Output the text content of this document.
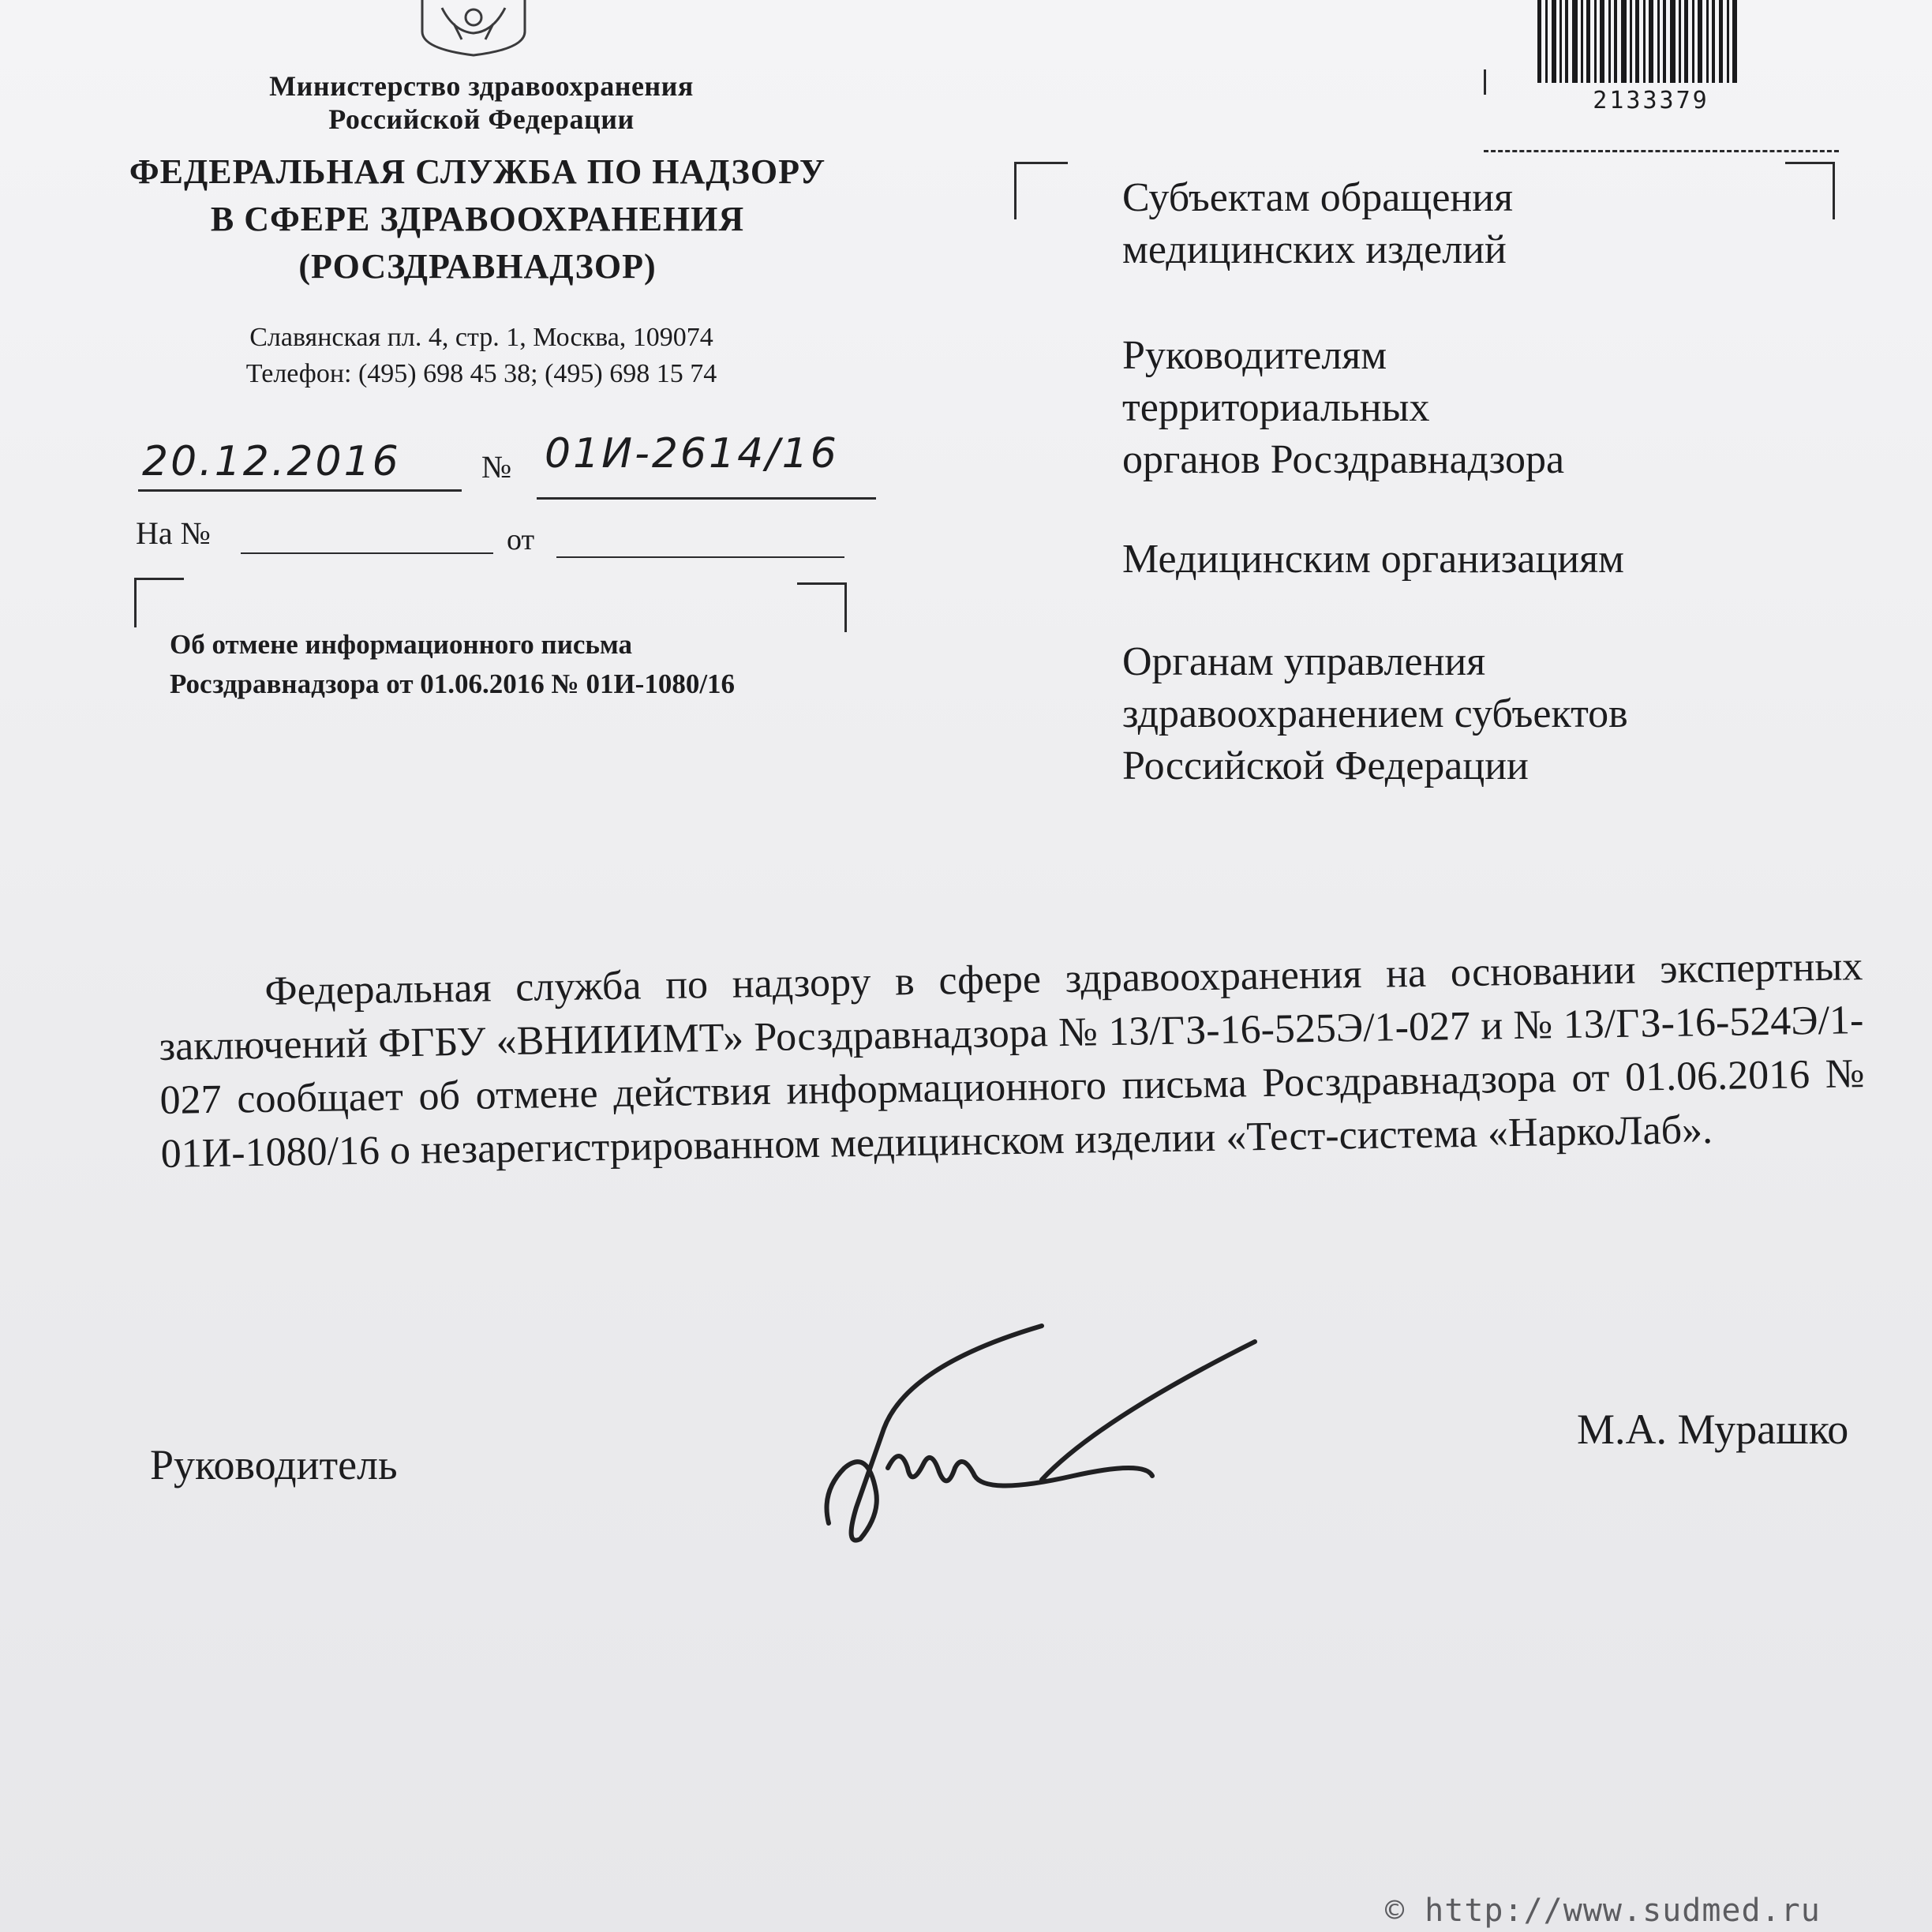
Министерство здравоохранения
Российской Федерации
ФЕДЕРАЛЬНАЯ СЛУЖБА ПО НАДЗОРУ
В СФЕРЕ ЗДРАВООХРАНЕНИЯ
(РОСЗДРАВНАДЗОР)
Славянская пл. 4, стр. 1, Москва, 109074
Телефон: (495) 698 45 38; (495) 698 15 74
20.12.2016	№ 01И-2614/16
На №	от
Об отмене информационного письма
Росздравнадзора от 01.06.2016 № 01И-1080/16
2133379
Субъектам обращения
медицинских изделий
Руководителям
территориальных
органов Росздравнадзора
Медицинским организациям
Органам управления
здравоохранением субъектов
Российской Федерации
Федеральная служба по надзору в сфере здравоохранения на основании экспертных заключений ФГБУ «ВНИИИМТ» Росздравнадзора № 13/ГЗ-16-525Э/1-027 и № 13/ГЗ-16-524Э/1-027 сообщает об отмене действия информационного письма Росздравнадзора от 01.06.2016 № 01И-1080/16 о незарегистрированном медицинском изделии «Тест-система «НаркоЛаб».
Руководитель
М.А. Мурашко
© http://www.sudmed.ru
